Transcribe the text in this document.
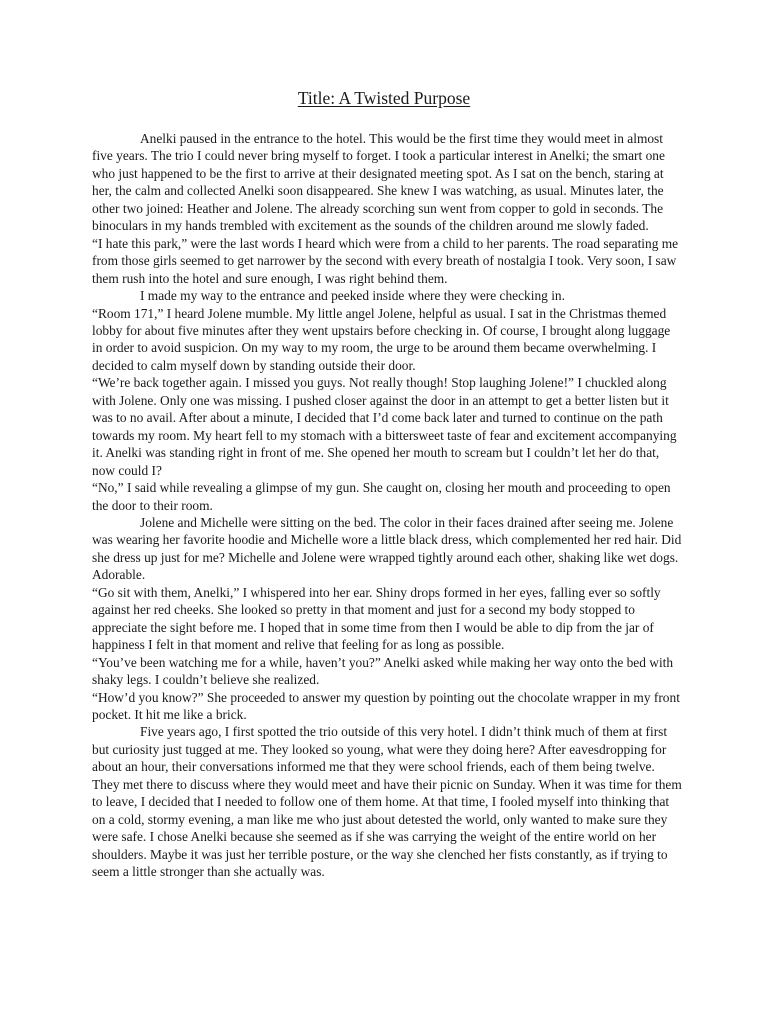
Title: A Twisted Purpose

Anelki paused in the entrance to the hotel. This would be the first time they would meet in almost five years. The trio I could never bring myself to forget. I took a particular interest in Anelki; the smart one who just happened to be the first to arrive at their designated meeting spot. As I sat on the bench, staring at her, the calm and collected Anelki soon disappeared. She knew I was watching, as usual. Minutes later, the other two joined: Heather and Jolene. The already scorching sun went from copper to gold in seconds. The binoculars in my hands trembled with excitement as the sounds of the children around me slowly faded.

“I hate this park,” were the last words I heard which were from a child to her parents. The road separating me from those girls seemed to get narrower by the second with every breath of nostalgia I took. Very soon, I saw them rush into the hotel and sure enough, I was right behind them.

I made my way to the entrance and peeked inside where they were checking in.

“Room 171,” I heard Jolene mumble. My little angel Jolene, helpful as usual. I sat in the Christmas themed lobby for about five minutes after they went upstairs before checking in. Of course, I brought along luggage in order to avoid suspicion. On my way to my room, the urge to be around them became overwhelming. I decided to calm myself down by standing outside their door.

“We’re back together again. I missed you guys. Not really though! Stop laughing Jolene!” I chuckled along with Jolene. Only one was missing. I pushed closer against the door in an attempt to get a better listen but it was to no avail. After about a minute, I decided that I’d come back later and turned to continue on the path towards my room. My heart fell to my stomach with a bittersweet taste of fear and excitement accompanying it. Anelki was standing right in front of me. She opened her mouth to scream but I couldn’t let her do that, now could I?

“No,” I said while revealing a glimpse of my gun. She caught on, closing her mouth and proceeding to open the door to their room.

Jolene and Michelle were sitting on the bed. The color in their faces drained after seeing me. Jolene was wearing her favorite hoodie and Michelle wore a little black dress, which complemented her red hair. Did she dress up just for me? Michelle and Jolene were wrapped tightly around each other, shaking like wet dogs. Adorable.

“Go sit with them, Anelki,” I whispered into her ear. Shiny drops formed in her eyes, falling ever so softly against her red cheeks. She looked so pretty in that moment and just for a second my body stopped to appreciate the sight before me. I hoped that in some time from then I would be able to dip from the jar of happiness I felt in that moment and relive that feeling for as long as possible.

“You’ve been watching me for a while, haven’t you?” Anelki asked while making her way onto the bed with shaky legs. I couldn’t believe she realized.

“How’d you know?” She proceeded to answer my question by pointing out the chocolate wrapper in my front pocket. It hit me like a brick.

Five years ago, I first spotted the trio outside of this very hotel. I didn’t think much of them at first but curiosity just tugged at me. They looked so young, what were they doing here? After eavesdropping for about an hour, their conversations informed me that they were school friends, each of them being twelve. They met there to discuss where they would meet and have their picnic on Sunday. When it was time for them to leave, I decided that I needed to follow one of them home. At that time, I fooled myself into thinking that on a cold, stormy evening, a man like me who just about detested the world, only wanted to make sure they were safe. I chose Anelki because she seemed as if she was carrying the weight of the entire world on her shoulders. Maybe it was just her terrible posture, or the way she clenched her fists constantly, as if trying to seem a little stronger than she actually was.
